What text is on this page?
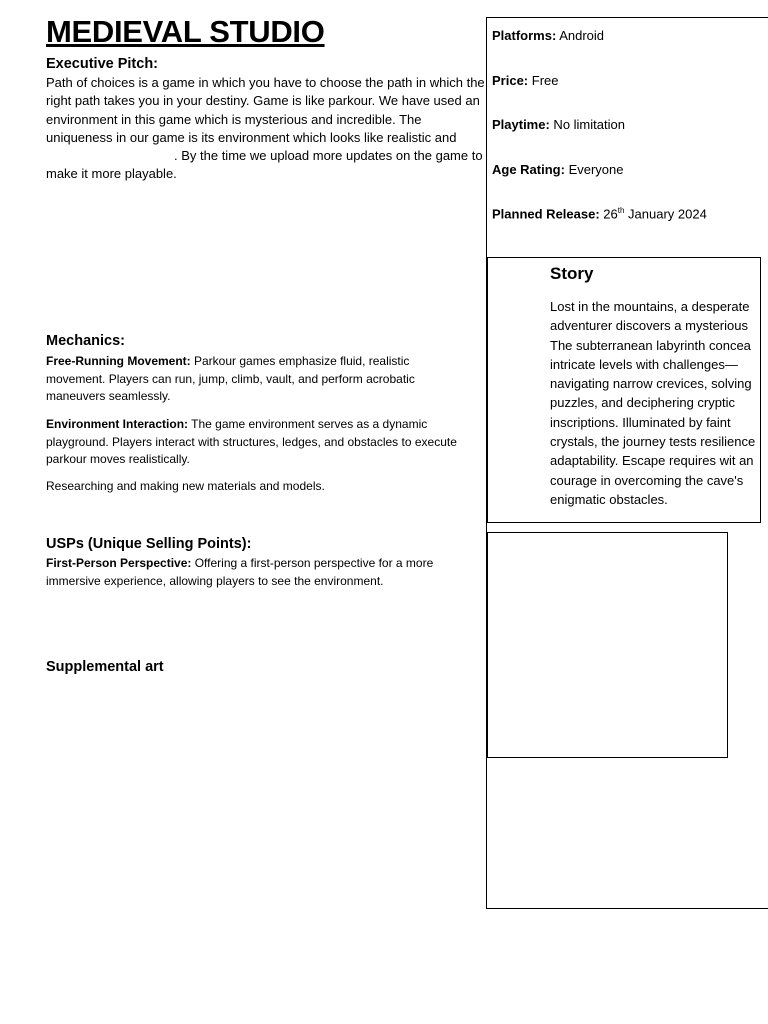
MEDIEVAL STUDIO
Executive Pitch:
Path of choices is a game in which you have to choose the path in which the right path takes you in your destiny. Game is like parkour. We have used an environment in this game which is mysterious and incredible. The uniqueness in our game is its environment which looks like realistic and . By the time we upload more updates on the game to make it more playable.
Mechanics:
Free-Running Movement: Parkour games emphasize fluid, realistic movement. Players can run, jump, climb, vault, and perform acrobatic maneuvers seamlessly.
Environment Interaction: The game environment serves as a dynamic playground. Players interact with structures, ledges, and obstacles to execute parkour moves realistically.
Researching and making new materials and models.
USPs (Unique Selling Points):
First-Person Perspective: Offering a first-person perspective for a more immersive experience, allowing players to see the environment.
Supplemental art
Platforms: Android
Price: Free
Playtime: No limitation
Age Rating: Everyone
Planned Release: 26th January 2024
Story
Lost in the mountains, a desperate
adventurer discovers a mysterious
The subterranean labyrinth concea
intricate levels with challenges—
navigating narrow crevices, solving
puzzles, and deciphering cryptic
inscriptions. Illuminated by faint
crystals, the journey tests resilience
adaptability. Escape requires wit an
courage in overcoming the cave's
enigmatic obstacles.
